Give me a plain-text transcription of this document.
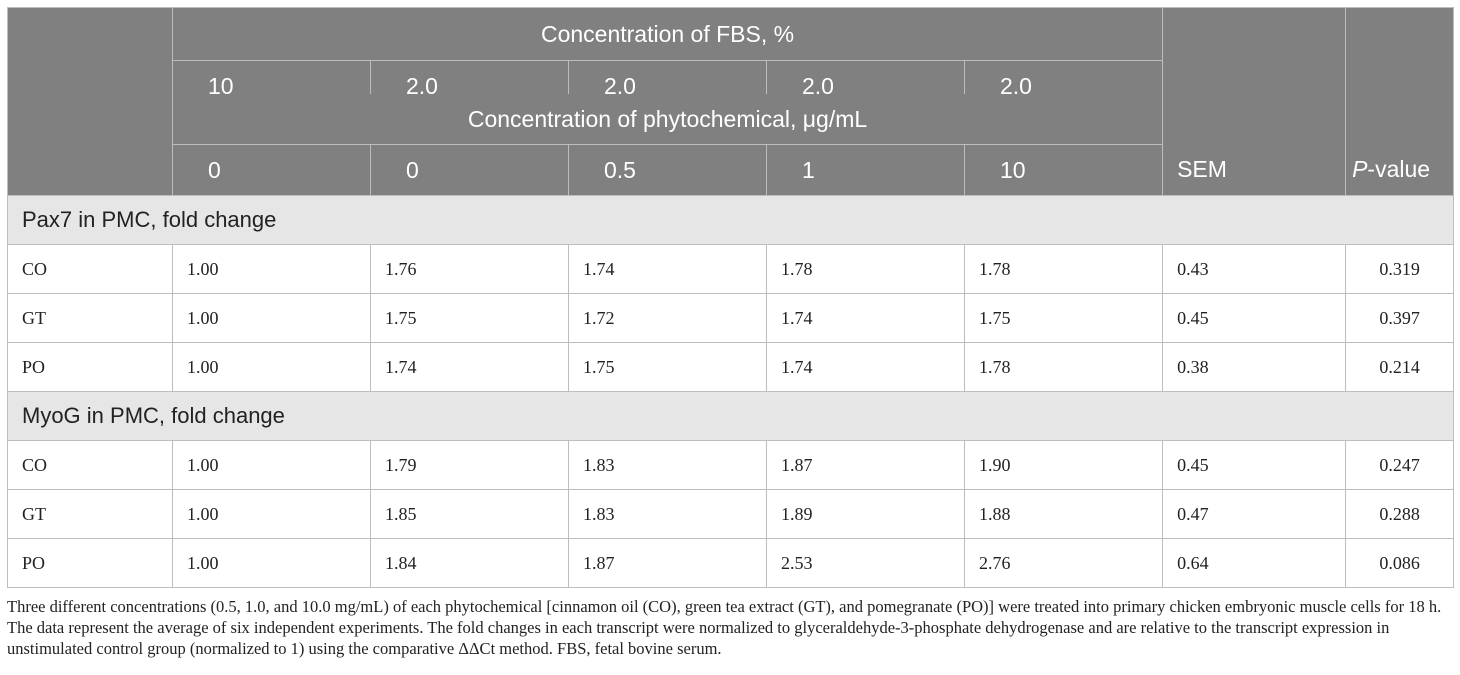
	Concentration of FBS, %					SEM	P-value
	10	2.0	2.0	2.0	2.0		
	Concentration of phytochemical, μg/mL						
	0	0	0.5	1	10		
Pax7 in PMC, fold change							
CO	1.00	1.76	1.74	1.78	1.78	0.43	0.319
GT	1.00	1.75	1.72	1.74	1.75	0.45	0.397
PO	1.00	1.74	1.75	1.74	1.78	0.38	0.214
MyoG in PMC, fold change							
CO	1.00	1.79	1.83	1.87	1.90	0.45	0.247
GT	1.00	1.85	1.83	1.89	1.88	0.47	0.288
PO	1.00	1.84	1.87	2.53	2.76	0.64	0.086
Three different concentrations (0.5, 1.0, and 10.0 mg/mL) of each phytochemical [cinnamon oil (CO), green tea extract (GT), and pomegranate (PO)] were treated into primary chicken embryonic muscle cells for 18 h. The data represent the average of six independent experiments. The fold changes in each transcript were normalized to glyceraldehyde-3-phosphate dehydrogenase and are relative to the transcript expression in unstimulated control group (normalized to 1) using the comparative ΔΔCt method. FBS, fetal bovine serum.
